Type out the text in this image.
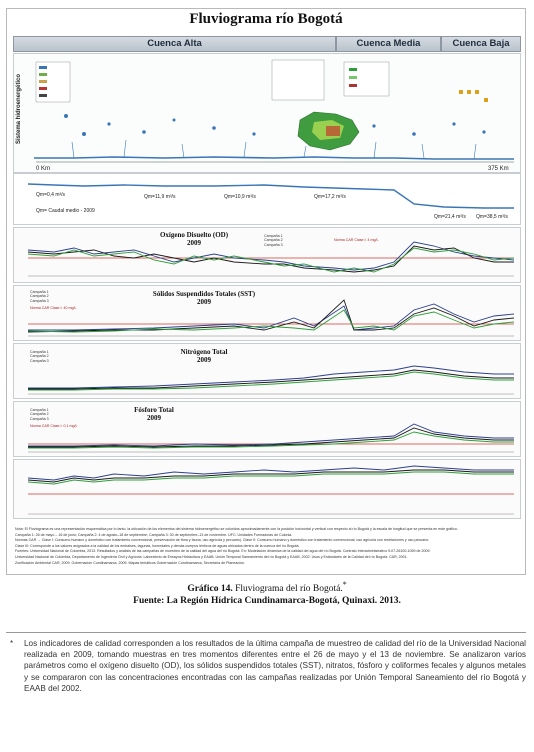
Fluviograma río Bogotá
Cuenca Alta	Cuenca Media	Cuenca Baja
Sistema hidroenergético
0 Km	375 Km
Qm=0,4 m³/s	Qm=11,9 m³/s	Qm=10,9 m³/s	Qm=17,2 m³/s
Qm=21,4 m³/s Qm=38,5 m³/s
Qm= Caudal medio - 2009
Oxígeno Disuelto (OD)
2009
Campaña 1
Campaña 2
Campaña 3
Norma CAR Clase I: 4 mg/L
Sólidos Suspendidos Totales (SST)
2009
Campaña 1
Campaña 2
Campaña 3
Norma CAR Clase I: 40 mg/L
Nitrógeno Total
2009
Campaña 1
Campaña 2
Campaña 3
Fósforo Total
2009
Campaña 1
Campaña 2
Campaña 3
Norma CAR Clase I: 0,1 mg/L

Nota: El Fluviograma es una representación esquemática por lo tanto, la ubicación de los elementos del sistema hidroenergético se coloridos aproximadamente con la posición horizontal y vertical con respecto al río Bogotá y la escala de longitud que se presenta en este gráfico.

Campaña 1: 26 de mayo – 16 de junio; Campaña 2: 4 de agosto–18 de septiembre; Campaña 3: 30 de septiembre–13 de noviembre. UFC: Unidades Formadoras de Colonia.

Normas CAR → Clase I: Consumo humano y doméstico con tratamiento convencional, preservación de flora y fauna, uso agrícola y pecuario). Clase II: Consumo humano y doméstico con tratamiento convencional, uso agrícola con restricciones y uso pecuario.

Clase III: Corresponde a los valores asignados a la calidad de los embalses, lagunas, humedales y demás cuerpos lénticos de aguas ubicados dentro de la cuenca del río Bogotá.

Fuentes: Universidad Nacional de Colombia, 2013. Resultados y análisis de las campañas de muestreo de la calidad del agua del río Bogotá. En: Modelación dinámica de la calidad del agua del río Bogotá. Contrato Interadministrativo 9-07-26100-1059 de 2009.

Universidad Nacional de Colombia, Departamento de Ingeniería Civil y Agrícola. Laboratorio de Ensayos Hidráulicos y EAAB. Unión Temporal Saneamiento del río Bogotá y EAAB, 2002. Usos y Estándares de la Calidad del río Bogotá. CAR, 2001.

Zonificación Ambiental CAR, 2009. Gobernación Cundinamarca, 2009. Mapas temáticos Gobernación Cundinamarca, Secretaría de Planeación.

Gráfico 14. Fluviograma del río Bogotá.*
Fuente: La Región Hídrica Cundinamarca-Bogotá, Quinaxi. 2013.
* Los indicadores de calidad corresponden a los resultados de la última campaña de muestreo de calidad del río de la Universidad Nacional realizada en 2009, tomando muestras en tres momentos diferentes entre el 26 de mayo y el 13 de noviembre. Se analizaron varios parámetros como el oxígeno disuelto (OD), los sólidos suspendidos totales (SST), nitratos, fósforo y coliformes fecales y algunos metales y se compararon con las concentraciones encontradas con las campañas realizadas por Unión Temporal Saneamiento del río Bogotá y EAAB del 2002.
